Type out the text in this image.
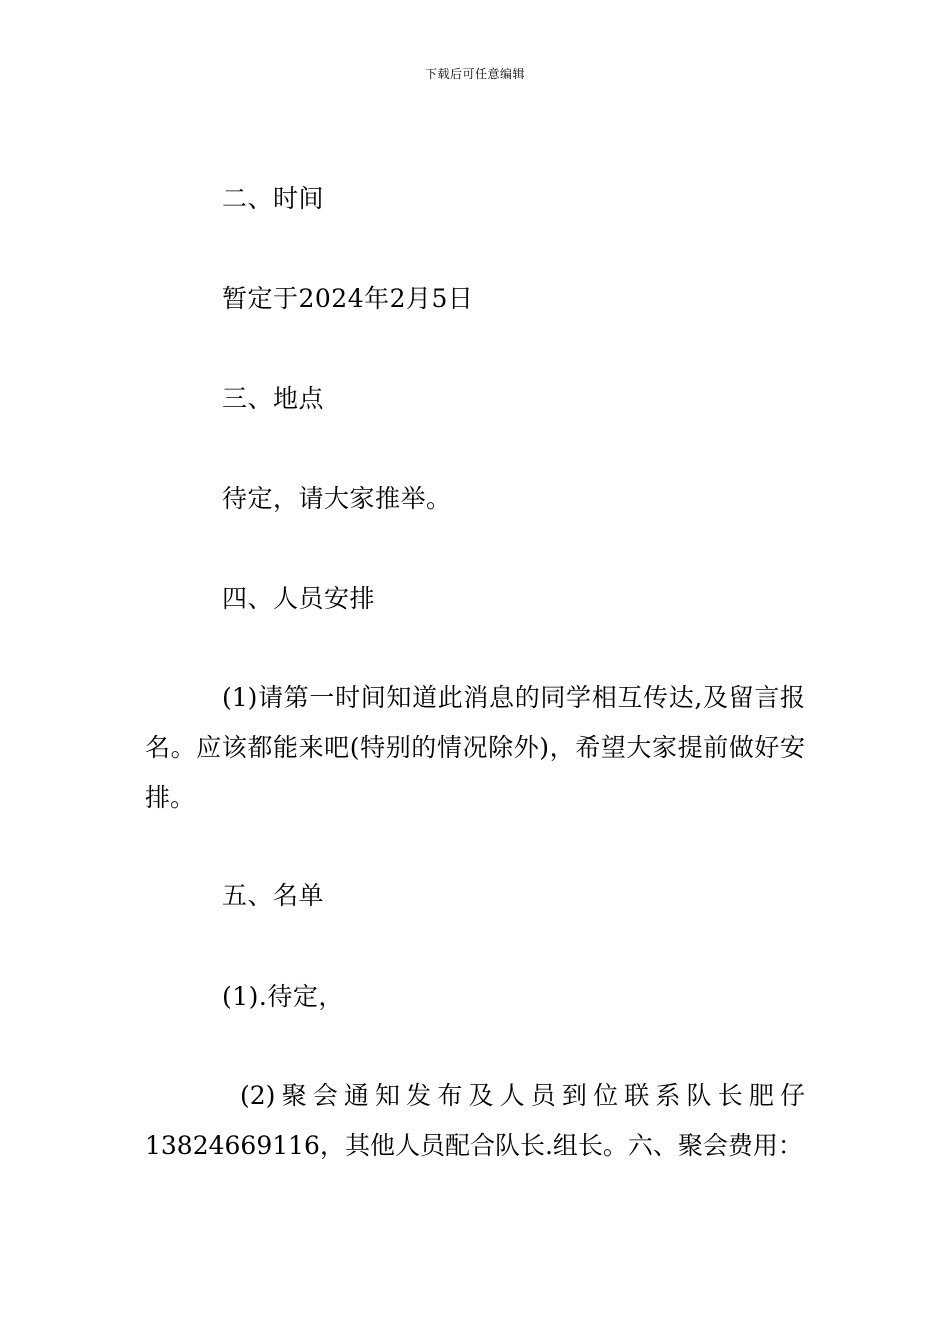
下载后可任意编辑
二、时间
暂定于2024年2月5日
三、地点
待定，请大家推举。
四、人员安排
(1)请第一时间知道此消息的同学相互传达,及留言报名。应该都能来吧(特别的情况除外)，希望大家提前做好安排。
五、名单
(1).待定，
(2)聚会通知发布及人员到位联系队长肥仔13824669116，其他人员配合队长.组长。六、聚会费用：
